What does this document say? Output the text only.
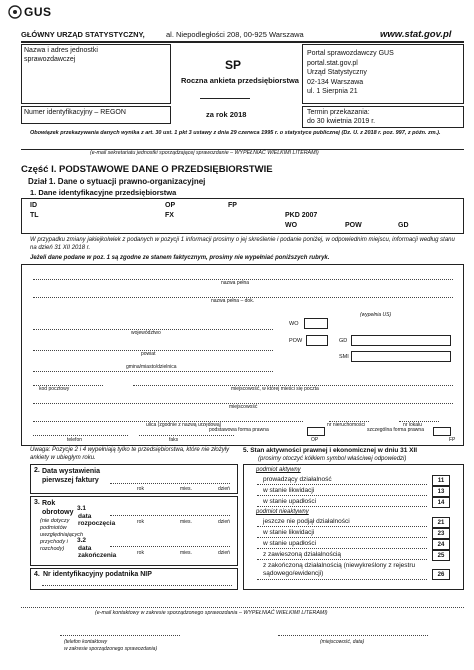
GUS
GŁÓWNY URZĄD STATYSTYCZNY,	al. Niepodległości 208, 00-925 Warszawa	www.stat.gov.pl
Nazwa i adres jednostki sprawozdawczej
Numer identyfikacyjny – REGON
SP
Roczna ankieta przedsiębiorstwa
za rok 2018
Portal sprawozdawczy GUS
portal.stat.gov.pl
Urząd Statystyczny
02-134 Warszawa
ul. 1 Sierpnia 21
Termin przekazania:
do 30 kwietnia 2019 r.
Obowiązek przekazywania danych wynika z art. 30 ust. 1 pkt 3 ustawy z dnia 29 czerwca 1995 r. o statystyce publicznej (Dz. U. z 2018 r. poz. 997, z późn. zm.).
(e-mail sekretariatu jednostki sporządzającej sprawozdanie – WYPEŁNIAĆ WIELKIMI LITERAMI)
Część I. PODSTAWOWE DANE O PRZEDSIĘBIORSTWIE
Dział 1. Dane o sytuacji prawno-organizacyjnej
1. Dane identyfikacyjne przedsiębiorstwa
ID	OP	FP
TL	FX	PKD 2007
WO	POW	GD
W przypadku zmiany jakiejkolwiek z podanych w pozycji 1 informacji prosimy o jej skreślenie i podanie poniżej, w odpowiednim miejscu, informacji według stanu na dzień 31 XII 2018 r.
Jeżeli dane podane w poz. 1 są zgodne ze stanem faktycznym, prosimy nie wypełniać poniższych rubryk.
nazwa pełna
nazwa pełna – dok.
województwo
powiat
gmina/miasto/dzielnica
(wypełnia US)
WO
POW	GD
SMI
kod pocztowy	miejscowość, w której mieści się poczta
miejscowość
ulica (zgodnie z nazwą urzędową)	nr nieruchomości	nr lokalu
podstawowa forma prawna	szczególna forma prawna
telefon	faks	OP	FP
Uwaga: Pozycje 2 i 4 wypełniają tylko te przedsiębiorstwa, które nie złożyły ankiety w ubiegłym roku.
2. Data wystawienia pierwszej faktury
rok	mies.	dzień
3. Rok obrotowy
(nie dotyczy podmiotów uwzględniających przychody i rozchody)
3.1
data rozpoczęcia	rok	mies.	dzień
3.2
data zakończenia	rok	mies.	dzień
4. Nr identyfikacyjny podatnika NIP
5. Stan aktywności prawnej i ekonomicznej w dniu 31 XII
(prosimy otoczyć kółkiem symbol właściwej odpowiedzi)
podmiot aktywny
podmiot nieaktywny
prowadzący działalność	11
w stanie likwidacji	13
w stanie upadłości	14
jeszcze nie podjął działalności	21
w stanie likwidacji	23
w stanie upadłości	24
z zawieszoną działalnością	25
z zakończoną działalnością (niewykreślony z rejestru sądowego/ewidencji)	26
(e-mail kontaktowy w zakresie sporządzonego sprawozdania – WYPEŁNIAĆ WIELKIMI LITERAMI)
(telefon kontaktowy
w zakresie sporządzonego sprawozdania)
(miejscowość, data)
